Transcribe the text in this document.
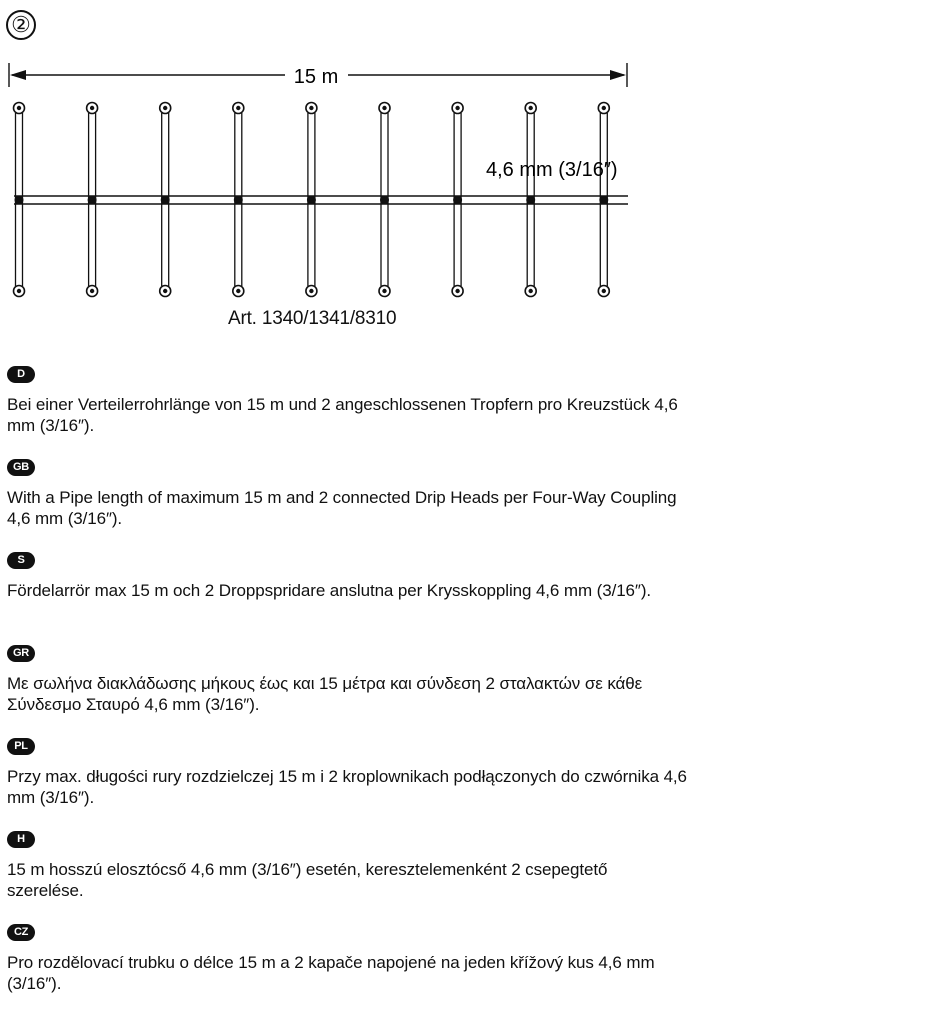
②
15 m
4,6 mm (3/16″)
Art. 1340/1341/8310
D
Bei einer Verteilerrohrlänge von 15 m und 2 angeschlossenen Tropfern pro Kreuzstück 4,6 mm (3/16″).
GB
With a Pipe length of maximum 15 m and 2 connected Drip Heads per Four-Way Coupling 4,6 mm (3/16″).
S
Fördelarrör max 15 m och 2 Droppspridare anslutna per Krysskoppling 4,6 mm (3/16″).
GR
Με σωλήνα διακλάδωσης μήκους έως και 15 μέτρα και σύνδεση 2 σταλακτών σε κάθε Σύνδεσμο Σταυρό 4,6 mm (3/16″).
PL
Przy max. długości rury rozdzielczej 15 m i 2 kroplownikach podłączonych do czwórnika 4,6 mm (3/16″).
H
15 m hosszú elosztócső 4,6 mm (3/16″) esetén, keresztelemenként 2 csepegtető szerelése.
CZ
Pro rozdělovací trubku o délce 15 m a 2 kapače napojené na jeden křížový kus 4,6 mm (3/16″).
